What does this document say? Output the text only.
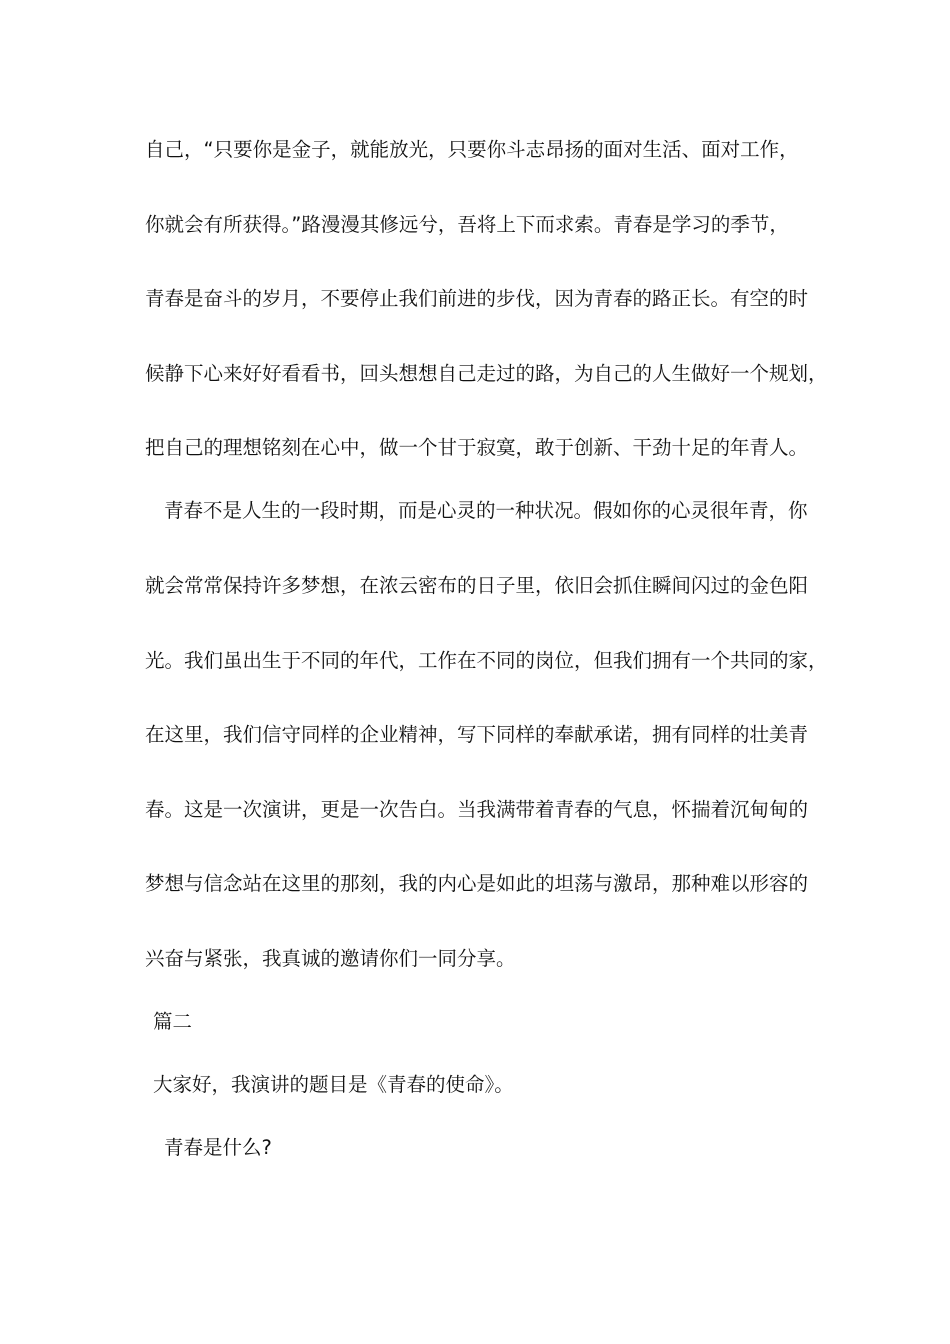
自己，“只要你是金子，就能放光，只要你斗志昂扬的面对生活、面对工作，
你就会有所获得。”路漫漫其修远兮，吾将上下而求索。青春是学习的季节，
青春是奋斗的岁月，不要停止我们前进的步伐，因为青春的路正长。有空的时
候静下心来好好看看书，回头想想自己走过的路，为自己的人生做好一个规划，
把自己的理想铭刻在心中，做一个甘于寂寞，敢于创新、干劲十足的年青人。
青春不是人生的一段时期，而是心灵的一种状况。假如你的心灵很年青，你
就会常常保持许多梦想，在浓云密布的日子里，依旧会抓住瞬间闪过的金色阳
光。我们虽出生于不同的年代，工作在不同的岗位，但我们拥有一个共同的家，
在这里，我们信守同样的企业精神，写下同样的奉献承诺，拥有同样的壮美青
春。这是一次演讲，更是一次告白。当我满带着青春的气息，怀揣着沉甸甸的
梦想与信念站在这里的那刻，我的内心是如此的坦荡与激昂，那种难以形容的
兴奋与紧张，我真诚的邀请你们一同分享。
篇二
大家好，我演讲的题目是《青春的使命》。
青春是什么?
